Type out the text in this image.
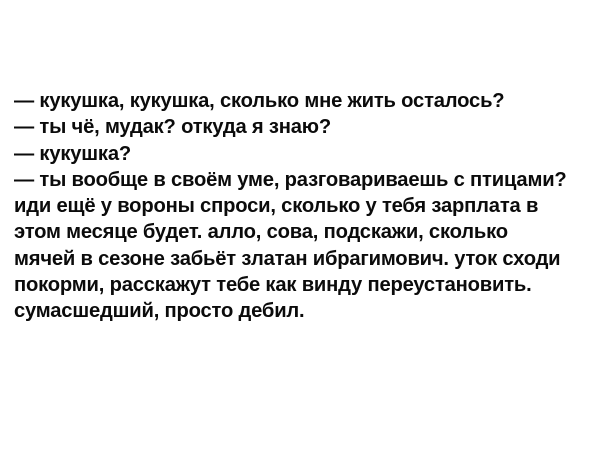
— кукушка, кукушка, сколько мне жить осталось?
— ты чё, мудак? откуда я знаю?
— кукушка?
— ты вообще в своём уме, разговариваешь с птицами?
иди ещё у вороны спроси, сколько у тебя зарплата в
этом месяце будет. алло, сова, подскажи, сколько
мячей в сезоне забьёт златан ибрагимович. уток сходи
покорми, расскажут тебе как винду переустановить.
сумасшедший, просто дебил.
